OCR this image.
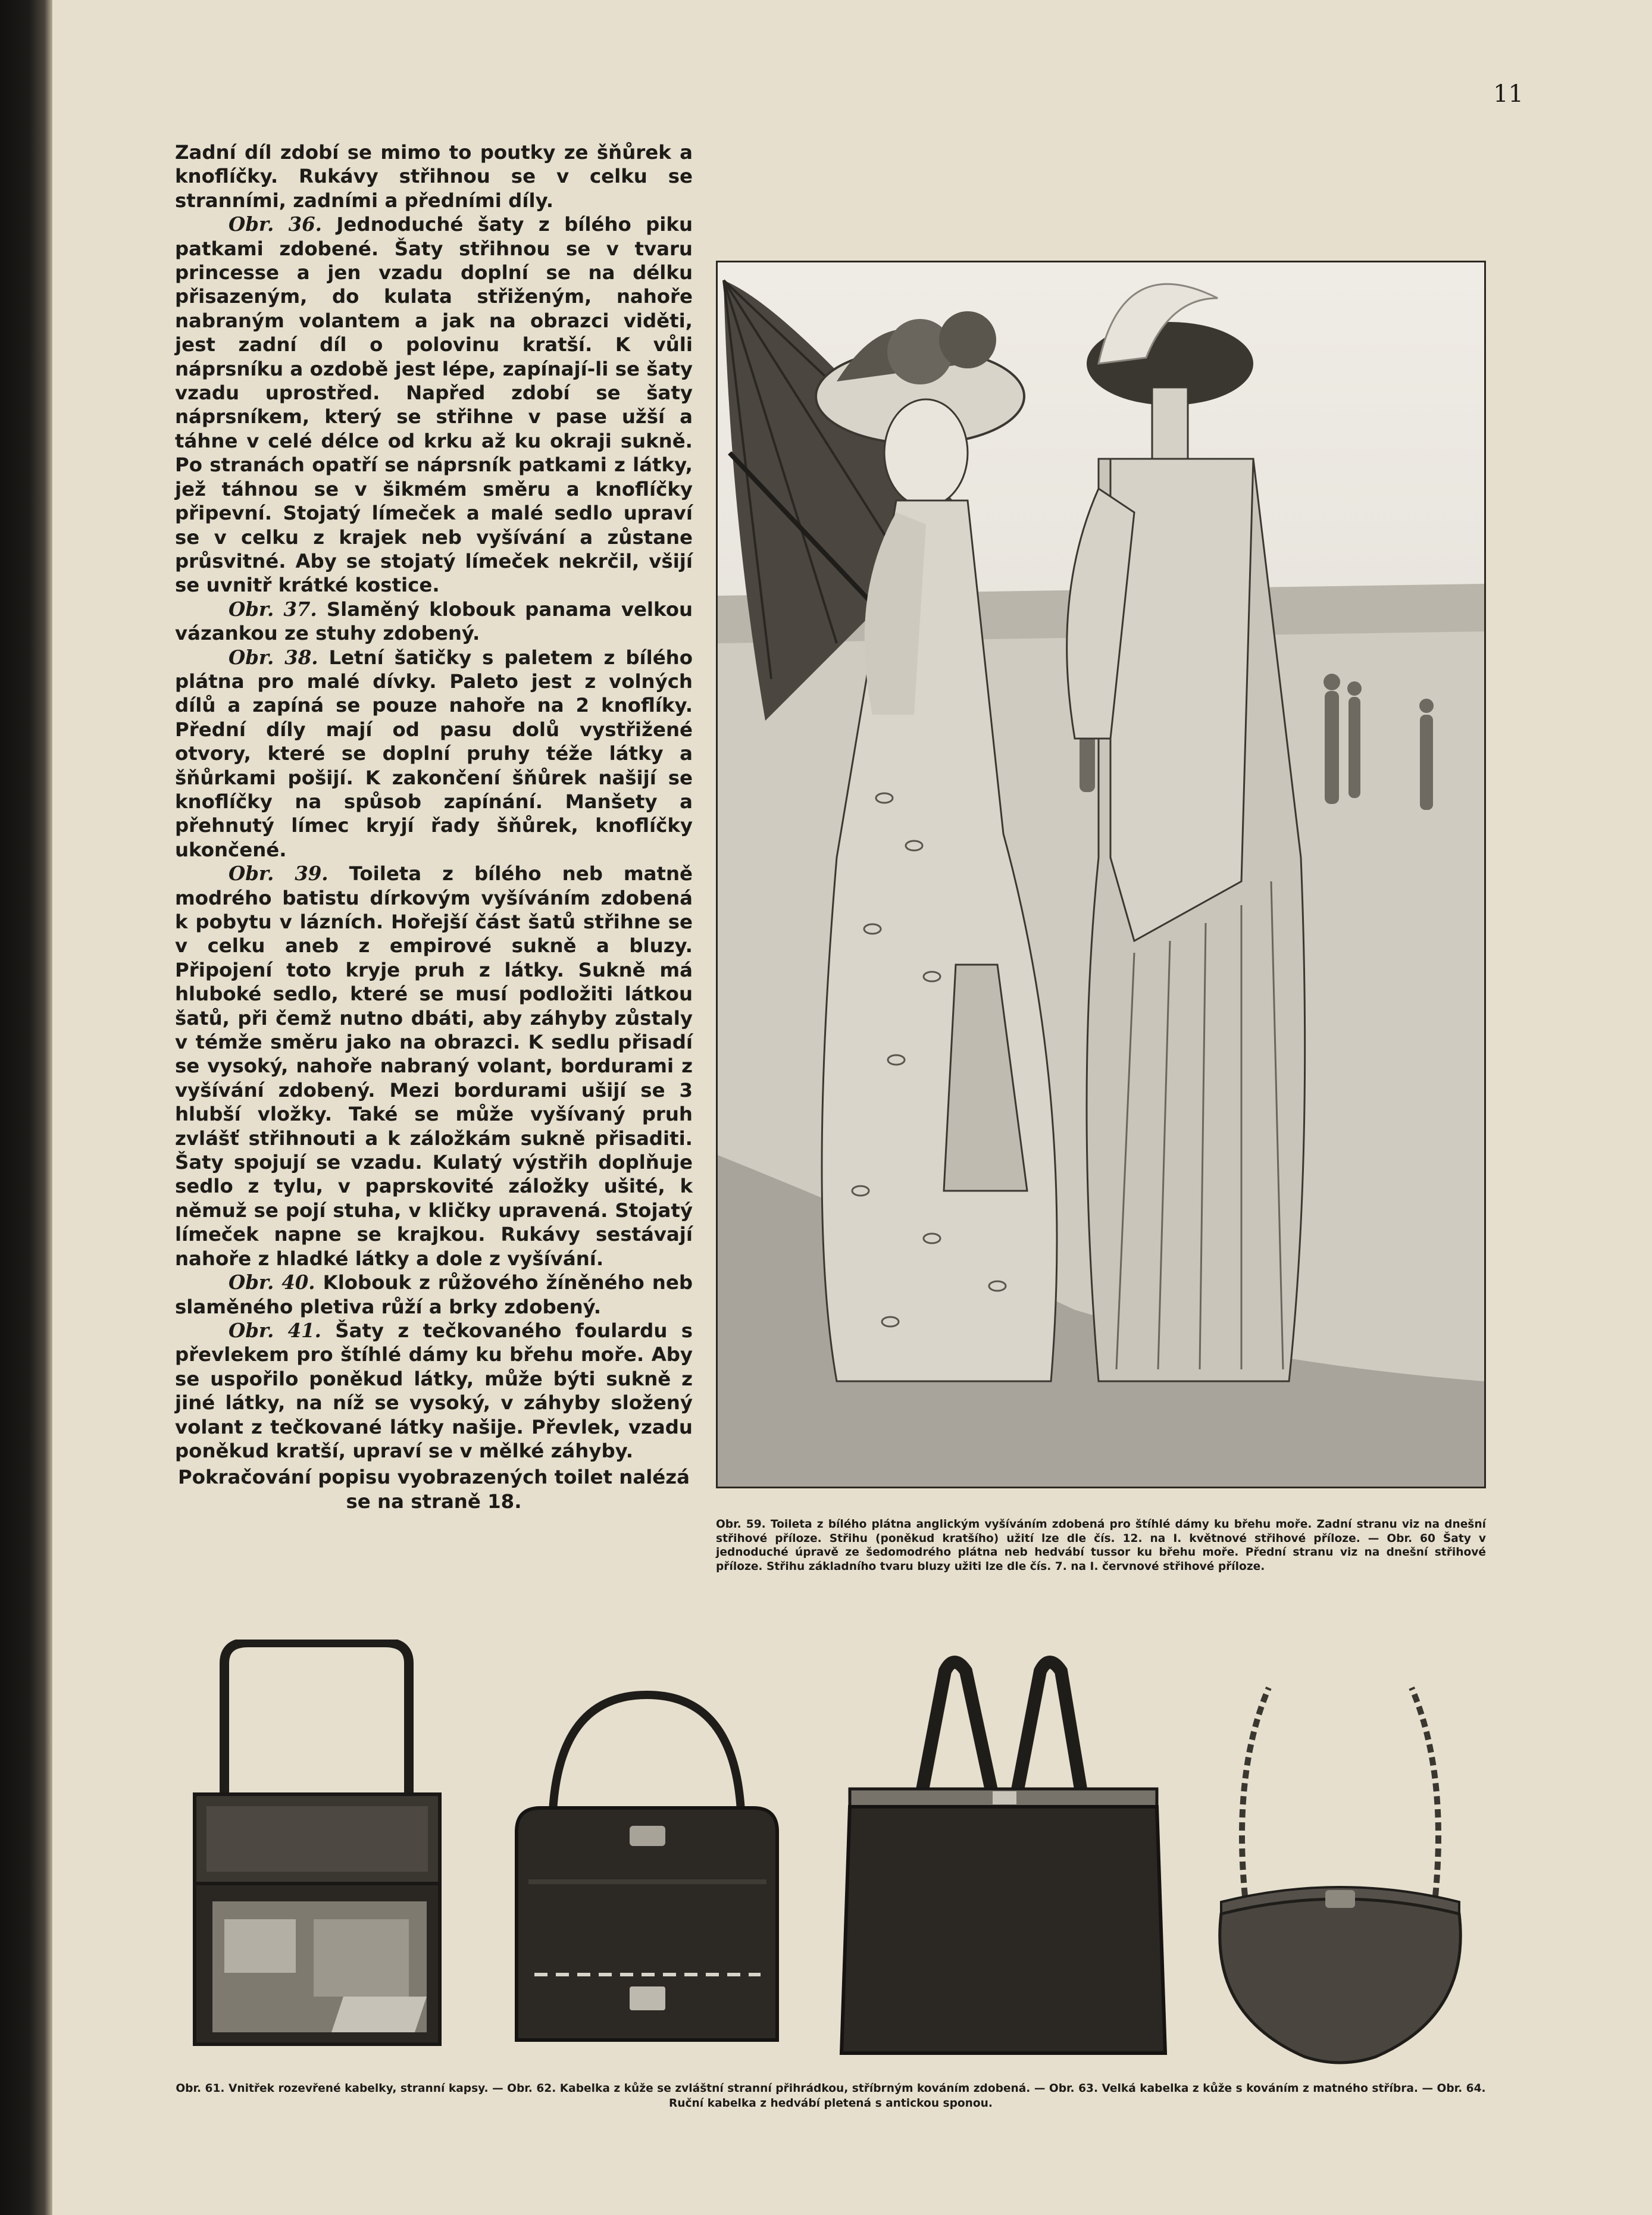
11

Zadní díl zdobí se mimo to poutky ze šňůrek a knoflíčky. Rukávy střihnou se v celku se stranními, zadními a předními díly.

Obr. 36. Jednoduché šaty z bílého piku patkami zdobené. Šaty střihnou se v tvaru princesse a jen vzadu doplní se na délku přisazeným, do kulata střiženým, nahoře nabraným volantem a jak na obrazci viděti, jest zadní díl o polovinu kratší. K vůli náprsníku a ozdobě jest lépe, zapínají-li se šaty vzadu uprostřed. Napřed zdobí se šaty náprsníkem, který se střihne v pase užší a táhne v celé délce od krku až ku okraji sukně. Po stranách opatří se náprsník patkami z látky, jež táhnou se v šikmém směru a knoflíčky připevní. Stojatý límeček a malé sedlo upraví se v celku z krajek neb vyšívání a zůstane průsvitné. Aby se stojatý límeček nekrčil, všijí se uvnitř krátké kostice.

Obr. 37. Slaměný klobouk panama velkou vázankou ze stuhy zdobený.

Obr. 38. Letní šatičky s paletem z bílého plátna pro malé dívky. Paleto jest z volných dílů a zapíná se pouze nahoře na 2 knoflíky. Přední díly mají od pasu dolů vystřižené otvory, které se doplní pruhy téže látky a šňůrkami pošijí. K zakončení šňůrek našijí se knoflíčky na spůsob zapínání. Manšety a přehnutý límec kryjí řady šňůrek, knoflíčky ukončené.

Obr. 39. Toileta z bílého neb matně modrého batistu dírkovým vyšíváním zdobená k pobytu v lázních. Hořejší část šatů střihne se v celku aneb z empirové sukně a bluzy. Připojení toto kryje pruh z látky. Sukně má hluboké sedlo, které se musí podložiti látkou šatů, při čemž nutno dbáti, aby záhyby zůstaly v témže směru jako na obrazci. K sedlu přisadí se vysoký, nahoře nabraný volant, bordurami z vyšívání zdobený. Mezi bordurami ušijí se 3 hlubší vložky. Také se může vyšívaný pruh zvlášť střihnouti a k záložkám sukně přisaditi. Šaty spojují se vzadu. Kulatý výstřih doplňuje sedlo z tylu, v paprskovité záložky ušité, k němuž se pojí stuha, v kličky upravená. Stojatý límeček napne se krajkou. Rukávy sestávají nahoře z hladké látky a dole z vyšívání.

Obr. 40. Klobouk z růžového žíněného neb slaměného pletiva růží a brky zdobený.

Obr. 41. Šaty z tečkovaného foulardu s převlekem pro štíhlé dámy ku břehu moře. Aby se uspořilo poněkud látky, může býti sukně z jiné látky, na níž se vysoký, v záhyby složený volant z tečkované látky našije. Převlek, vzadu poněkud kratší, upraví se v mělké záhyby.

Pokračování popisu vyobrazených toilet nalézá se na straně 18.

Obr. 59. Toileta z bílého plátna anglickým vyšíváním zdobená pro štíhlé dámy ku břehu moře. Zadní stranu viz na dnešní střihové příloze. Střihu (poněkud kratšího) užití lze dle čís. 12. na I. květnové střihové příloze. — Obr. 60 Šaty v jednoduché úpravě ze šedomodrého plátna neb hedvábí tussor ku břehu moře. Přední stranu viz na dnešní střihové příloze. Střihu základního tvaru bluzy užiti lze dle čís. 7. na I. červnové střihové příloze.
Obr. 61. Vnitřek rozevřené kabelky, stranní kapsy. — Obr. 62. Kabelka z kůže se zvláštní stranní přihrádkou, stříbrným kováním zdobená. — Obr. 63. Velká kabelka z kůže s kováním z matného stříbra. — Obr. 64. Ruční kabelka z hedvábí pletená s antickou sponou.
